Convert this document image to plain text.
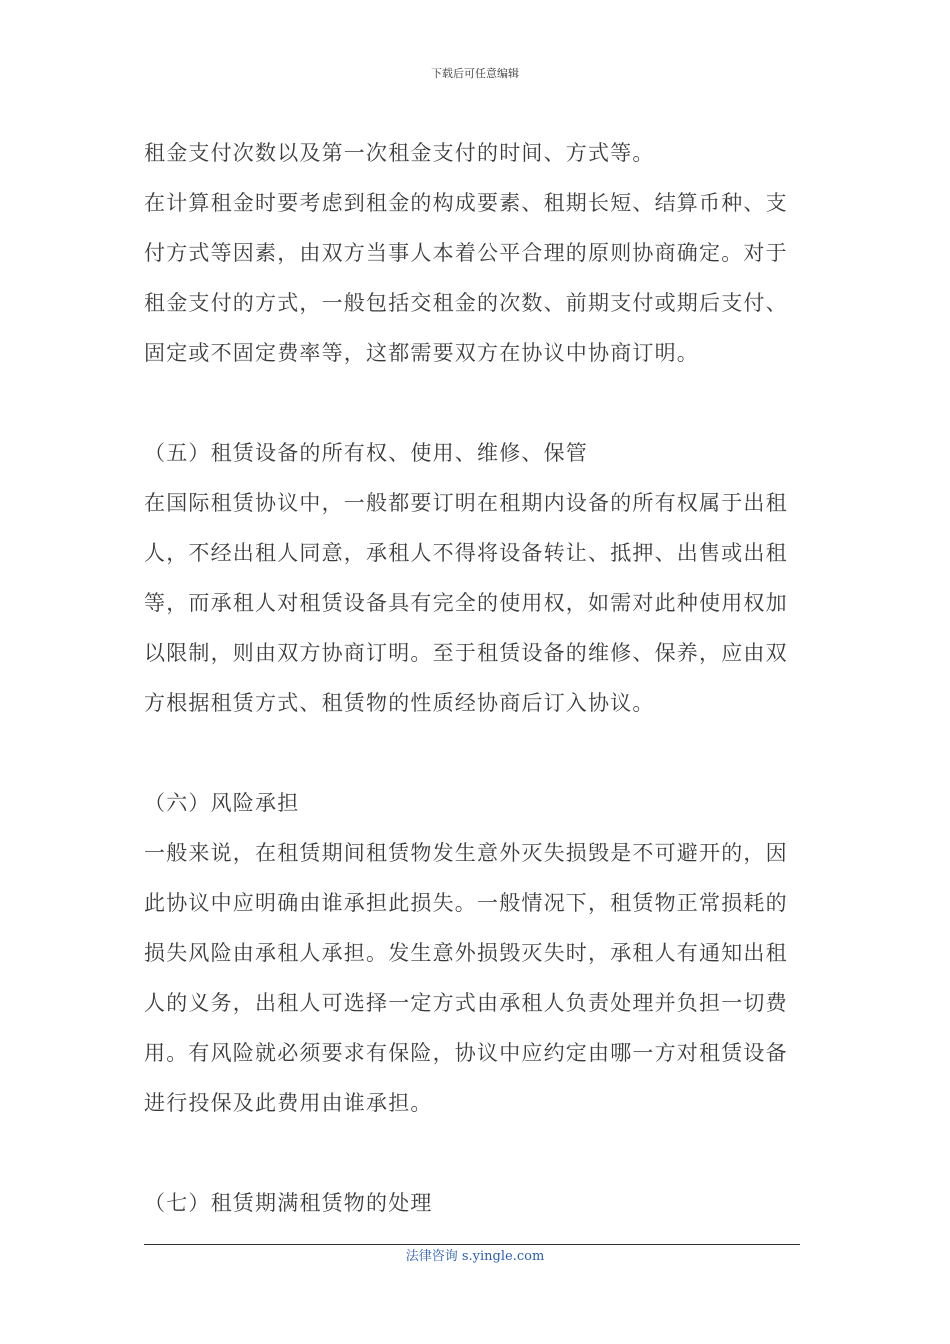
下载后可任意编辑
租金支付次数以及第一次租金支付的时间、方式等。
在计算租金时要考虑到租金的构成要素、租期长短、结算币种、支
付方式等因素，由双方当事人本着公平合理的原则协商确定。对于
租金支付的方式，一般包括交租金的次数、前期支付或期后支付、
固定或不固定费率等，这都需要双方在协议中协商订明。
（五）租赁设备的所有权、使用、维修、保管
在国际租赁协议中，一般都要订明在租期内设备的所有权属于出租
人，不经出租人同意，承租人不得将设备转让、抵押、出售或出租
等，而承租人对租赁设备具有完全的使用权，如需对此种使用权加
以限制，则由双方协商订明。至于租赁设备的维修、保养，应由双
方根据租赁方式、租赁物的性质经协商后订入协议。
（六）风险承担
一般来说，在租赁期间租赁物发生意外灭失损毁是不可避开的，因
此协议中应明确由谁承担此损失。一般情况下，租赁物正常损耗的
损失风险由承租人承担。发生意外损毁灭失时，承租人有通知出租
人的义务，出租人可选择一定方式由承租人负责处理并负担一切费
用。有风险就必须要求有保险，协议中应约定由哪一方对租赁设备
进行投保及此费用由谁承担。
（七）租赁期满租赁物的处理
法律咨询 s.yingle.com
